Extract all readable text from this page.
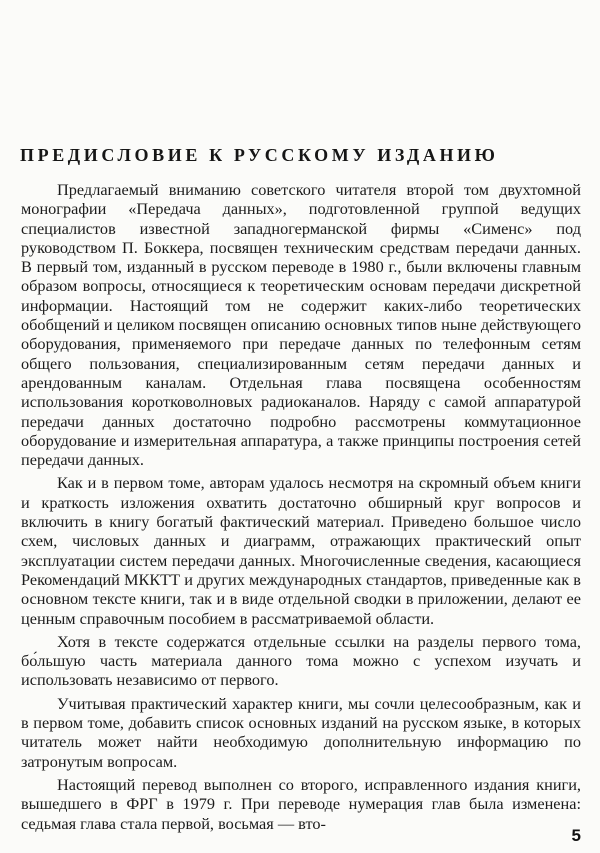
ПРЕДИСЛОВИЕ К РУССКОМУ ИЗДАНИЮ

Предлагаемый вниманию советского читателя второй том двухтомной монографии «Передача данных», подготовленной группой ведущих специалистов известной западногерманской фирмы «Сименс» под руководством П. Боккера, посвящен техническим средствам передачи данных. В первый том, изданный в русском переводе в 1980 г., были включены главным образом вопросы, относящиеся к теоретическим основам передачи дискретной информации. Настоящий том не содержит каких-либо теоретических обобщений и целиком посвящен описанию основных типов ныне действующего оборудования, применяемого при передаче данных по телефонным сетям общего пользования, специализированным сетям передачи данных и арендованным каналам. Отдельная глава посвящена особенностям использования коротковолновых радиоканалов. Наряду с самой аппаратурой передачи данных достаточно подробно рассмотрены коммутационное оборудование и измерительная аппаратура, а также принципы построения сетей передачи данных.

Как и в первом томе, авторам удалось несмотря на скромный объем книги и краткость изложения охватить достаточно обширный круг вопросов и включить в книгу богатый фактический материал. Приведено большое число схем, числовых данных и диаграмм, отражающих практический опыт эксплуатации систем передачи данных. Многочисленные сведения, касающиеся Рекомендаций МККТТ и других международных стандартов, приведенные как в основном тексте книги, так и в виде отдельной сводки в приложении, делают ее ценным справочным пособием в рассматриваемой области.

Хотя в тексте содержатся отдельные ссылки на разделы первого тома, бо́льшую часть материала данного тома можно с успехом изучать и использовать независимо от первого.

Учитывая практический характер книги, мы сочли целесообразным, как и в первом томе, добавить список основных изданий на русском языке, в которых читатель может найти необходимую дополнительную информацию по затронутым вопросам.

Настоящий перевод выполнен со второго, исправленного издания книги, вышедшего в ФРГ в 1979 г. При переводе нумерация глав была изменена: седьмая глава стала первой, восьмая — вто-

5
